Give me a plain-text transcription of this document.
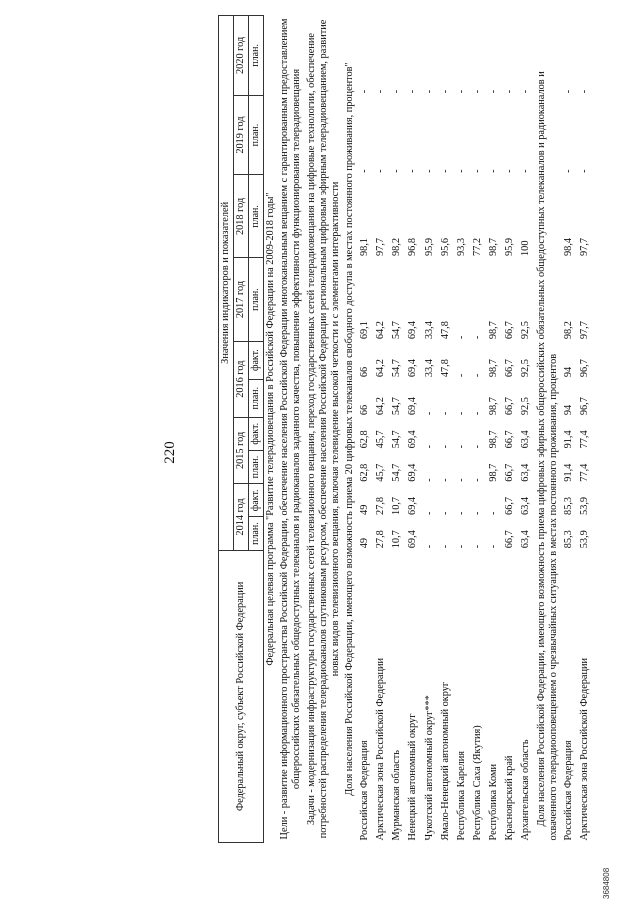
220
Федеральный округ, субъект Российской Федерации	Значения индикаторов и показателей									
	2014 год		2015 год		2016 год		2017 год	2018 год	2019 год	2020 год
	план.	факт.	план.	факт.	план.	факт.	план.	план.	план.	план.
Федеральная целевая программа "Развитие телерадиовещания в Российской Федерации на 2009-2018 годы"										
Цели - развитие информационного пространства Российской Федерации, обеспечение населения Российской Федерации многоканальным вещанием с гарантированным предоставлением общероссийских обязательных общедоступных телеканалов и радиоканалов заданного качества, повышение эффективности функционирования телерадиовещания										
Задачи - модернизация инфраструктуры государственных сетей телевизионного вещания, переход государственных сетей телерадиовещания на цифровые технологии, обеспечение потребностей распределения телерадиоканалов спутниковым ресурсом, обеспечение населения Российской Федерации региональным цифровым эфирным телерадиовещанием, развитие новых видов телевизионного вещания, включая телевидение высокой четкости и с элементами интерактивности										
Доля населения Российской Федерации, имеющего возможность приема 20 цифровых телеканалов свободного доступа в местах постоянного проживания, процентов"										
Российская Федерация	49	49	62,8	62,8	66	66	69,1	98,1	-	-
Арктическая зона Российской Федерации	27,8	27,8	45,7	45,7	64,2	64,2	64,2	97,7	-	-
Мурманская область	10,7	10,7	54,7	54,7	54,7	54,7	54,7	98,2	-	-
Ненецкий автономный округ	69,4	69,4	69,4	69,4	69,4	69,4	69,4	96,8	-	-
Чукотский автономный округ***	-	-	-	-	-	33,4	33,4	95,9	-	-
Ямало-Ненецкий автономный округ	-	-	-	-	-	47,8	47,8	95,6	-	-
Республика Карелия	-	-	-	-	-	-	-	93,3	-	-
Республика Саха (Якутия)	-	-	-	-	-	-	-	77,2	-	-
Республика Коми	-	-	98,7	98,7	98,7	98,7	98,7	98,7	-	-
Красноярский край	66,7	66,7	66,7	66,7	66,7	66,7	66,7	95,9	-	-
Архангельская область	63,4	63,4	63,4	63,4	92,5	92,5	92,5	100	-	-
Доля населения Российской Федерации, имеющего возможность приема цифровых эфирных общероссийских обязательных общедоступных телеканалов и радиоканалов и охваченного телерадиооповещением о чрезвычайных ситуациях в местах постоянного проживания, процентов										
Российская Федерация	85,3	85,3	91,4	91,4	94	94	98,2	98,4	-	-
Арктическая зона Российской Федерации	53,9	53,9	77,4	77,4	96,7	96,7	97,7	97,7	-	-
3684808
